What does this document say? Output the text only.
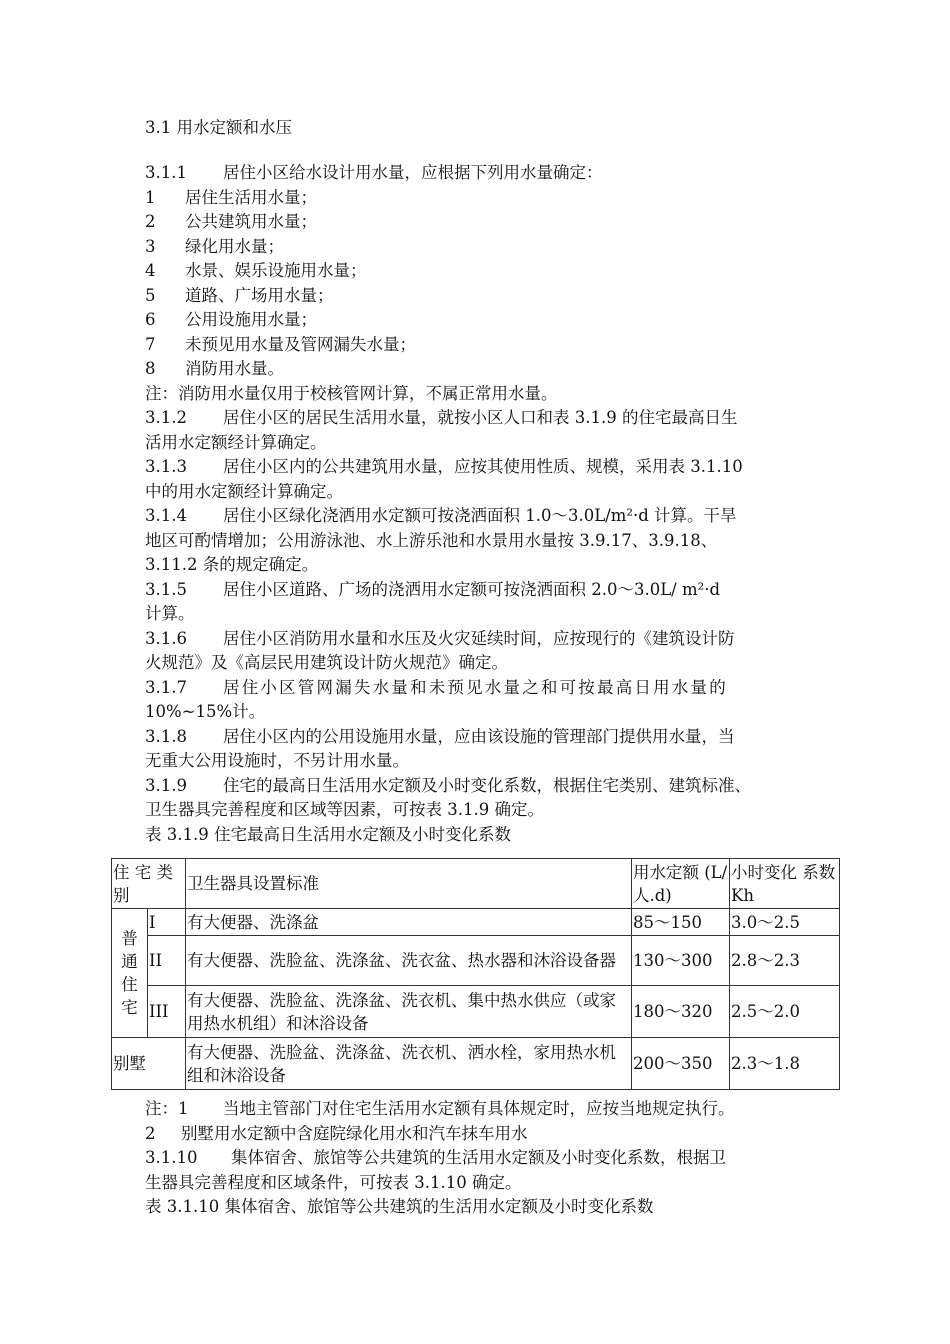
3.1 用水定额和水压
3.1.1 居住小区给水设计用水量，应根据下列用水量确定：
1 居住生活用水量；
2 公共建筑用水量；
3 绿化用水量；
4 水景、娱乐设施用水量；
5 道路、广场用水量；
6 公用设施用水量；
7 未预见用水量及管网漏失水量；
8 消防用水量。
注：消防用水量仅用于校核管网计算，不属正常用水量。
3.1.2 居住小区的居民生活用水量，就按小区人口和表 3.1.9 的住宅最高日生
活用水定额经计算确定。
3.1.3 居住小区内的公共建筑用水量，应按其使用性质、规模，采用表 3.1.10
中的用水定额经计算确定。
3.1.4 居住小区绿化浇洒用水定额可按浇洒面积 1.0～3.0L/m²·d 计算。干旱
地区可酌情增加；公用游泳池、水上游乐池和水景用水量按 3.9.17、3.9.18、
3.11.2 条的规定确定。
3.1.5 居住小区道路、广场的浇洒用水定额可按浇洒面积 2.0～3.0L/ m²·d
计算。
3.1.6 居住小区消防用水量和水压及火灾延续时间，应按现行的《建筑设计防
火规范》及《高层民用建筑设计防火规范》确定。
3.1.7 居住小区管网漏失水量和未预见水量之和可按最高日用水量的
10%~15%计。
3.1.8 居住小区内的公用设施用水量，应由该设施的管理部门提供用水量，当
无重大公用设施时，不另计用水量。
3.1.9 住宅的最高日生活用水定额及小时变化系数，根据住宅类别、建筑标准、
卫生器具完善程度和区域等因素，可按表 3.1.9 确定。
表 3.1.9 住宅最高日生活用水定额及小时变化系数
住 宅 类 别		卫生器具设置标准	用水定额 (L/人.d)	小时变化 系数 Kh
普 通 住 宅	I	有大便器、洗涤盆	85～150	3.0～2.5
	II	有大便器、洗脸盆、洗涤盆、洗衣盆、热水器和沐浴设备器	130～300	2.8～2.3
	III	有大便器、洗脸盆、洗涤盆、洗衣机、集中热水供应（或家用热水机组）和沐浴设备	180～320	2.5～2.0
别墅		有大便器、洗脸盆、洗涤盆、洗衣机、洒水栓，家用热水机组和沐浴设备	200～350	2.3～1.8
注：1 当地主管部门对住宅生活用水定额有具体规定时，应按当地规定执行。
2 别墅用水定额中含庭院绿化用水和汽车抹车用水
3.1.10 集体宿舍、旅馆等公共建筑的生活用水定额及小时变化系数，根据卫
生器具完善程度和区域条件，可按表 3.1.10 确定。
表 3.1.10 集体宿舍、旅馆等公共建筑的生活用水定额及小时变化系数
